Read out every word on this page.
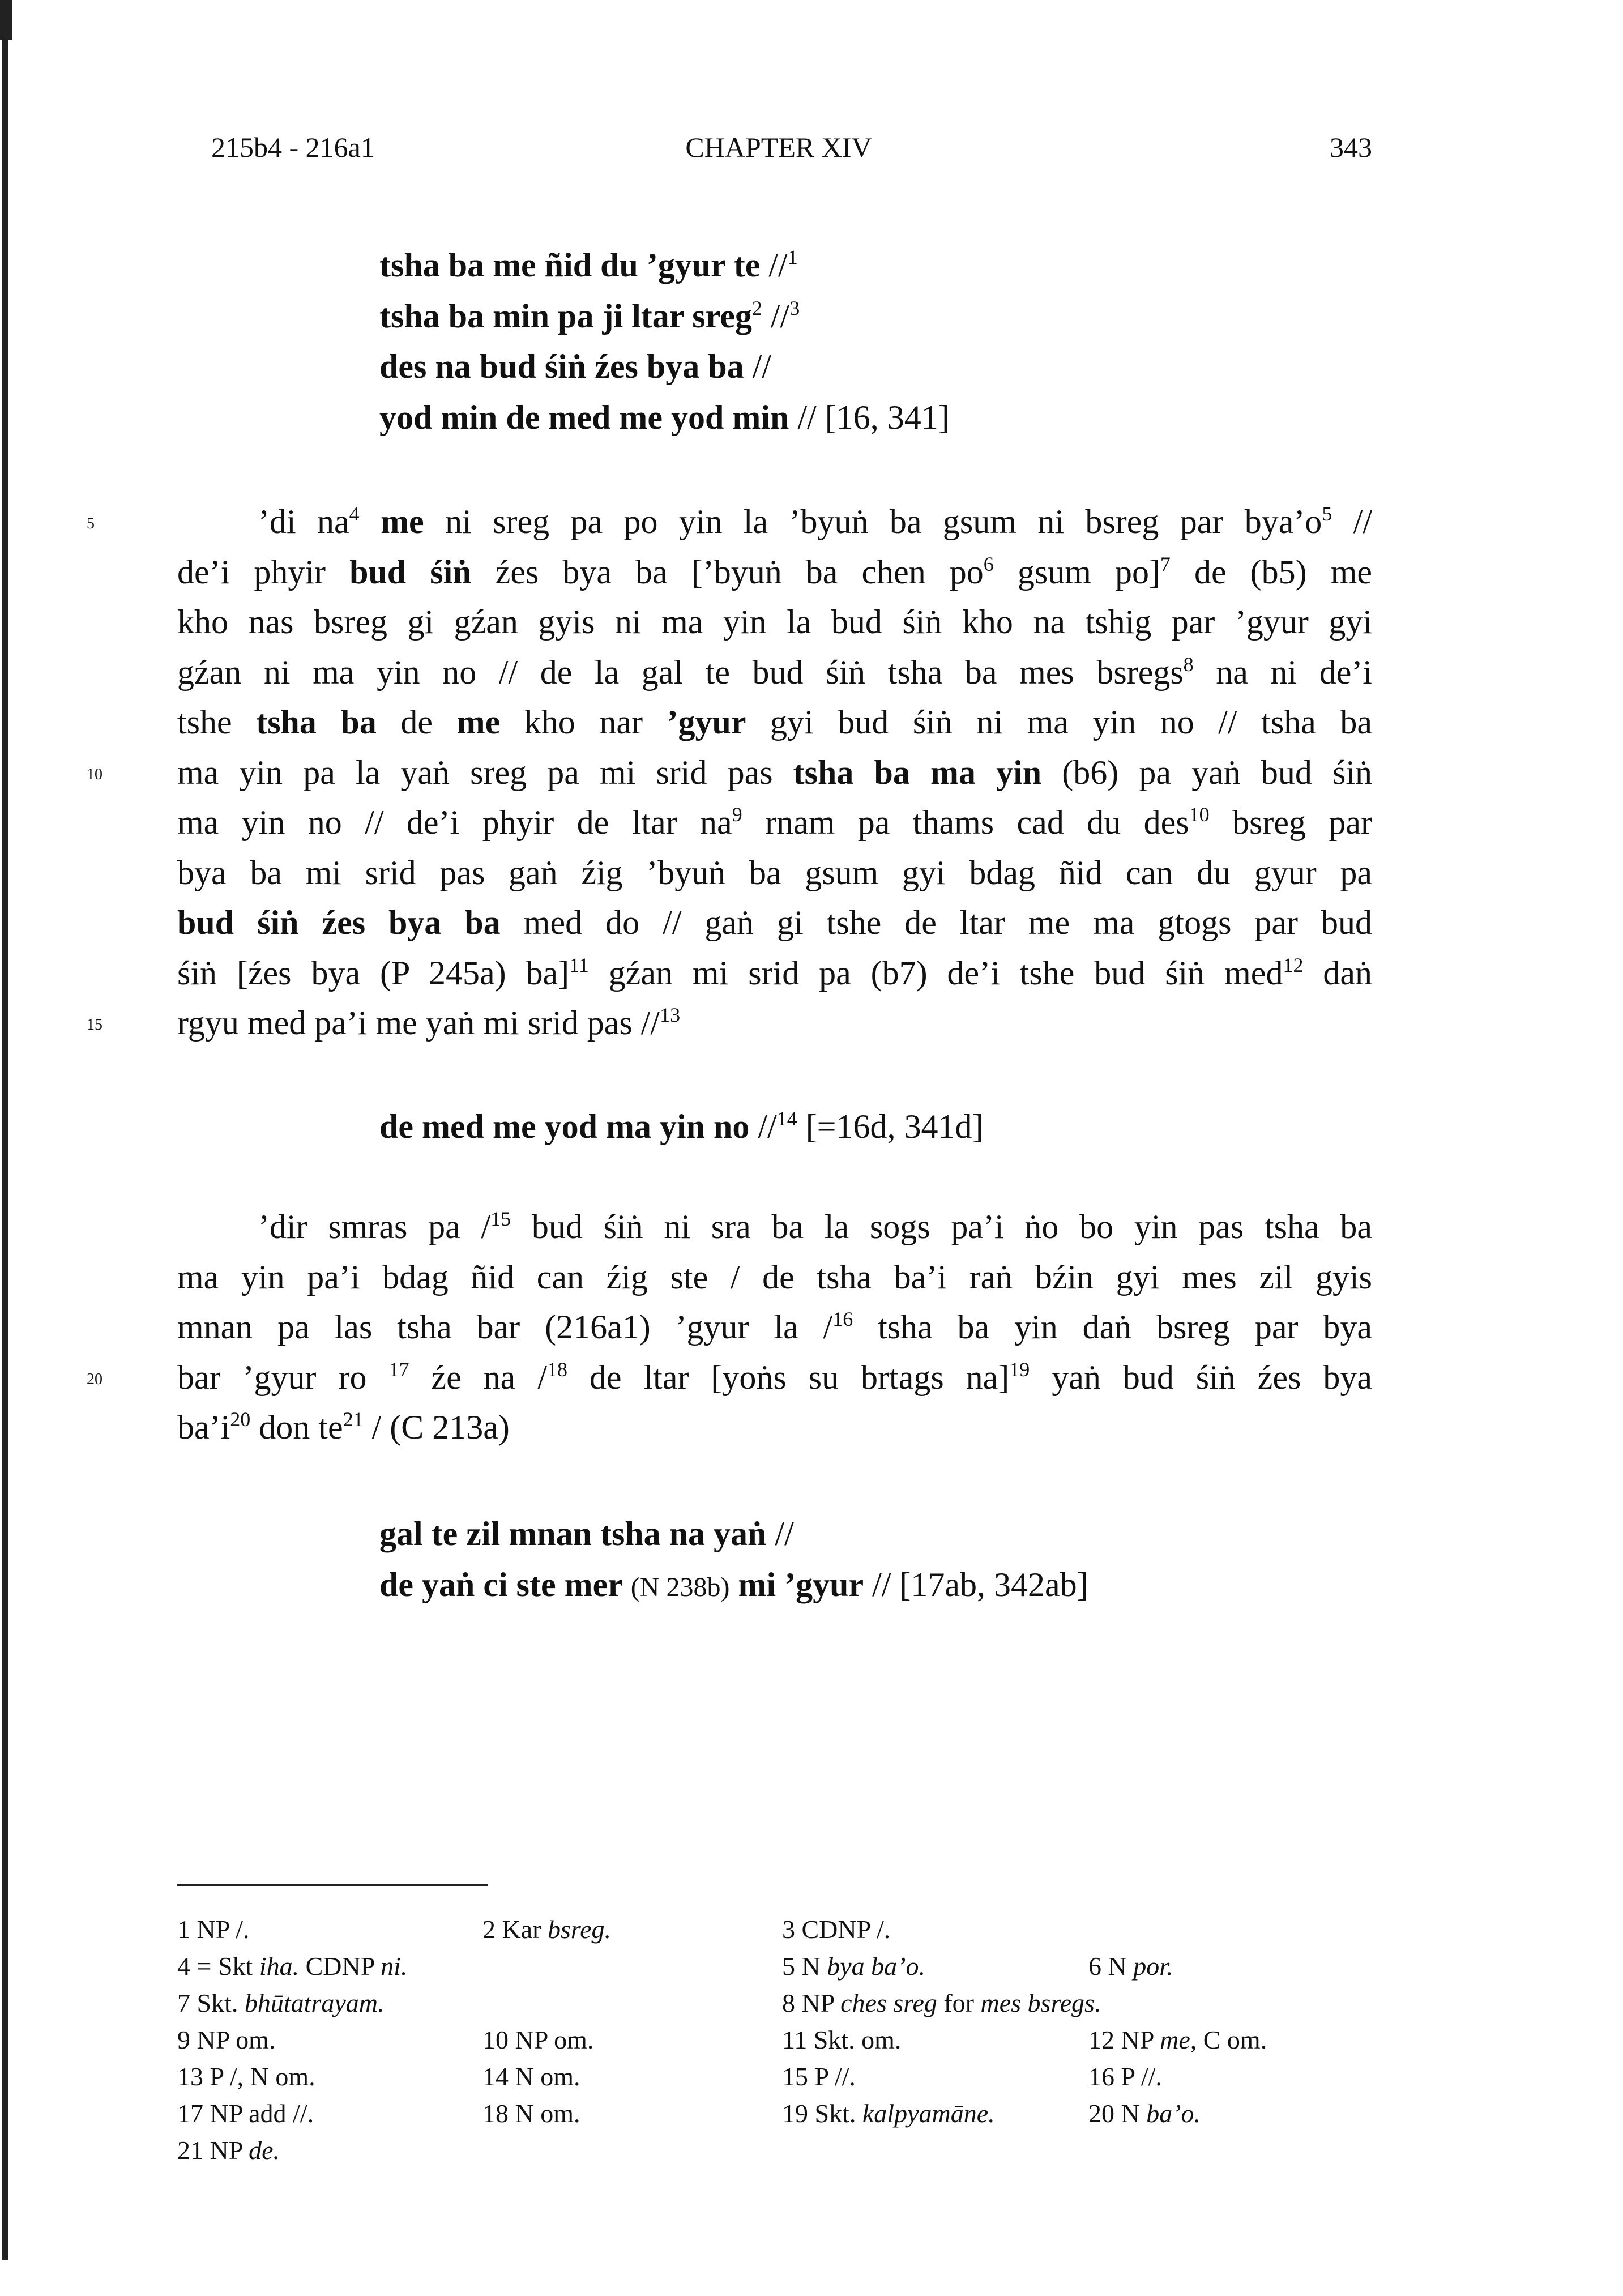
215b4 - 216a1	CHAPTER XIV	343
tsha ba me ñid du ’gyur te //$^1$
tsha ba min pa ji ltar sreg$^2$ //$^3$
des na bud śiṅ źes bya ba //
yod min de med me yod min // [16, 341]
5	’di $na^4$ me ni sreg pa po yin la ’byuṅ ba gsum ni bsreg par $bya’o^5$ //
de’i phyir bud śiṅ źes bya ba [’byuṅ ba chen $po^6$ gsum po]$^7$ de (b5) me
kho nas bsreg gi gźan gyis ni ma yin la bud śiṅ kho na tshig par ’gyur gyi
gźan ni ma yin no // de la gal te bud śiṅ tsha ba mes bsregs$^8$ na ni de’i
tshe tsha ba de me kho nar ’gyur gyi bud śiṅ ni ma yin no // tsha ba
10 ma yin pa la yaṅ sreg pa mi srid pas tsha ba ma yin (b6) pa yaṅ bud śiṅ
ma yin no // de’i phyir de ltar $na^9$ rnam pa thams cad du des$^{10}$ bsreg par
bya ba mi srid pas gaṅ źig ’byuṅ ba gsum gyi bdag ñid can du gyur pa
bud śiṅ źes bya ba med do // gaṅ gi tshe de ltar me ma gtogs par bud
śiṅ [źes bya (P 245a) ba]$^{11}$ gźan mi srid pa (b7) de’i tshe bud śiṅ med$^{12}$ daṅ
15 rgyu med pa’i me yaṅ mi srid pas //$^{13}$
de med me yod ma yin no //$^{14}$ [=16d, 341d]
’dir smras pa /$^{15}$ bud śiṅ ni sra ba la sogs pa’i ṅo bo yin pas tsha ba
ma yin pa’i bdag ñid can źig ste / de tsha ba’i raṅ bźin gyi mes zil gyis
mnan pa las tsha bar (216a1) ’gyur la /$^{16}$ tsha ba yin daṅ bsreg par bya
20 bar ’gyur ro $^{17}$ źe na /$^{18}$ de ltar [yoṅs su brtags na]$^{19}$ yaṅ bud śiṅ źes bya
$ba’i^{20}$ don $te^{21} / (C$ 213a)
gal te zil mnan tsha na yaṅ //
de yaṅ ci ste mer (N 238b) mi ’gyur // [17ab, 342ab]
1 NP /.	2 Kar bsreg.	3 CDNP /.
4 = Skt iha. CDNP ni.	5 N bya ba’o.	6 N por.
7 Skt. bhūtatrayam.	8 NP ches sreg for mes bsregs.
9 NP om.	10 NP om.	11 Skt. om.	12 NP me, C om.
13 P /, N om.	14 N om.	15 P //.	16 P //.
17 NP add //.	18 N om.	19 Skt. kalpyamāne.	20 N ba’o.
21 NP de.
